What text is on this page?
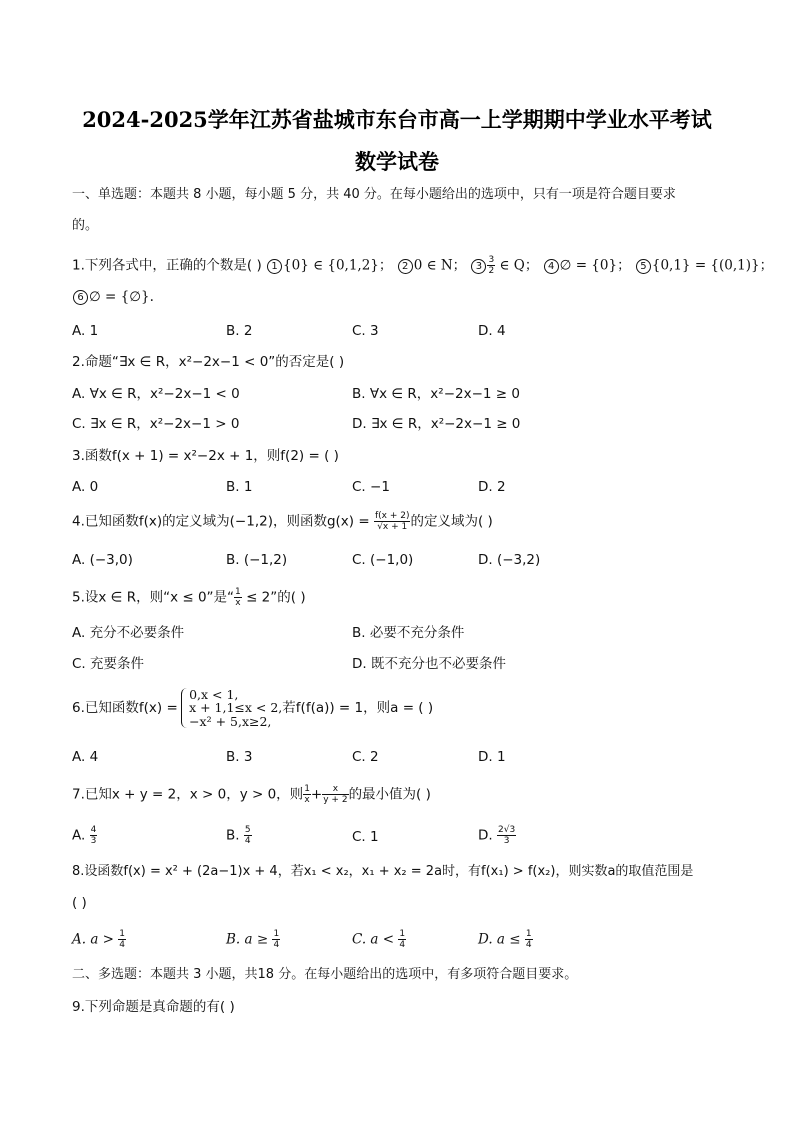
2024-2025学年江苏省盐城市东台市高一上学期期中学业水平考试
数学试卷
一、单选题：本题共 8 小题，每小题 5 分，共 40 分。在每小题给出的选项中，只有一项是符合题目要求
的。
1.下列各式中，正确的个数是( ) 1 {0} ∈ {0,1,2}； 2 0 ∈ N； $3 \frac{3}{2}$ ∈ Q； 4 ∅ = {0}； 5 {0,1} = {(0,1)}；
6 ∅ = {∅}.
A. 1	B. 2	C. 3	D. 4
2.命题“∃x ∈ R，x²−2x−1 < 0”的否定是( )
A. ∀x ∈ R，x²−2x−1 < 0	B. ∀x ∈ R，x²−2x−1 ≥ 0
C. ∃x ∈ R，x²−2x−1 > 0	D. ∃x ∈ R，x²−2x−1 ≥ 0
3.函数f(x + 1) = x²−2x + 1，则f(2) = ( )
A. 0	B. 1	C. −1	D. 2
4.已知函数f(x)的定义域为(−1,2)，则函数$g(x) = \frac{f(x + 2)}{√x + 1}$ 的定义域为( )
A. (−3,0)	B. (−1,2)	C. (−1,0)	D. (−3,2)
5.设x ∈ R，则“x ≤ 0”是“ $\frac{1}{x} \le 2$”的( )
A. 充分不必要条件	B. 必要不充分条件
C. 充要条件	D. 既不充分也不必要条件
6.已知函数f(x) =
0,x < 1,
x + 1,1≤x < 2,
−x² + 5,x≥2,
若f(f(a)) = 1，则a = ( )
A. 4	B. 3	C. 2	D. 1
7.已知x + y = 2，x > 0，y > 0，则 $\frac{1}{x} + \frac{x}{y + 2}$ 的最小值为( )
A. $\frac{4}{3}$	B. $\frac{5}{4}$	C. 1	D. $\frac{2√3}{3}$
8.设函数f(x) = x² + (2a−1)x + 4，若x₁ < x₂，x₁ + x₂ = 2a时，有f(x₁) > f(x₂)，则实数a的取值范围是
( )
A. $a > \frac{1}{4}$	B. $a \ge \frac{1}{4}$	C. $a < \frac{1}{4}$	D. $a \le \frac{1}{4}$
二、多选题：本题共 3 小题，共18 分。在每小题给出的选项中，有多项符合题目要求。
9.下列命题是真命题的有( )
